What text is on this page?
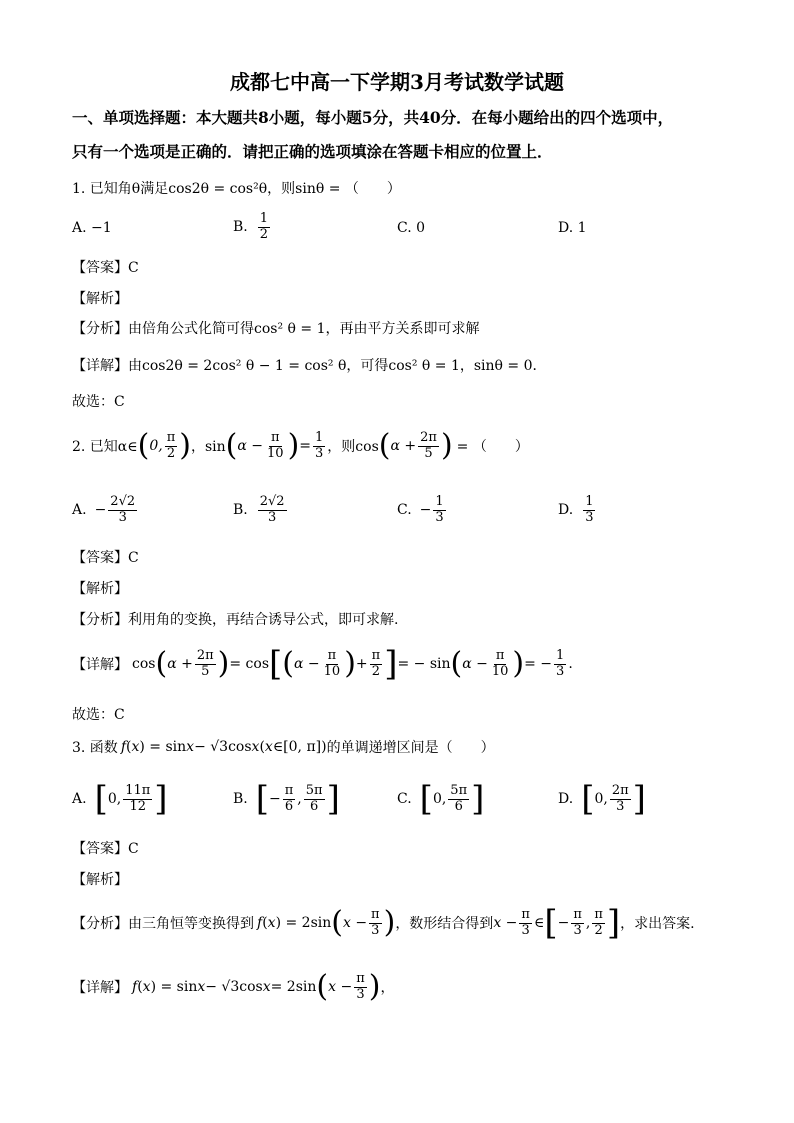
成都七中高一下学期3月考试数学试题
一、单项选择题：本大题共8小题，每小题5分，共40分．在每小题给出的四个选项中，
只有一个选项是正确的．请把正确的选项填涂在答题卡相应的位置上．
1. 已知角θ满足cos2θ = cos²θ，则sinθ = （　　）
A. −1	B. $\frac{1}{2}$	C. 0	D. 1
【答案】C
【解析】
【分析】由倍角公式化简可得cos² θ = 1，再由平方关系即可求解
【详解】由cos2θ = 2cos² θ − 1 = cos² θ，可得cos² θ = 1，sinθ = 0．
故选：C
2. 已知α∈ ( 0, $\frac{\pi}{2}$ ) ，sin ( $\alpha - \frac{\pi}{10}$ ) = $\frac{1}{3}$ ，则cos ( $\alpha + \frac{2\pi}{5}$ ) = （　　）
A. − $\frac{2√2}{3}$	B. $\frac{2√2}{3}$	C. − $\frac{1}{3}$	D. $\frac{1}{3}$
【答案】C
【解析】
【分析】利用角的变换，再结合诱导公式，即可求解.
【详解】 cos ( $\alpha + \frac{2\pi}{5}$ ) = cos [ ( $\alpha - \frac{\pi}{10}$ ) + $\frac{\pi}{2}$ ] = − sin ( $\alpha - \frac{\pi}{10}$ ) = − $\frac{1}{3}$ .
故选：C
3. 函数 f ( x ) = sin x − √3cos x ( x ∈[0, π] ) 的单调递增区间是（　　）
A. [ 0, $\frac{11\pi}{12}$ ]	B. [ − $\frac{\pi}{6}$ , $\frac{5\pi}{6}$ ]	C. [ 0, $\frac{5\pi}{6}$ ]	D. [ 0, $\frac{2\pi}{3}$ ]
【答案】C
【解析】
【分析】 由三角恒等变换得到 f ( x ) = 2sin ( $x - \frac{\pi}{3}$ ) ，数形结合得到 $x - \frac{\pi}{3}$ ∈ [ − $\frac{\pi}{3}$ , $\frac{\pi}{2}$ ] ，求出答案.
【详解】 f ( x ) = sin x − √3cos x = 2sin ( $x - \frac{\pi}{3}$ ) ，
